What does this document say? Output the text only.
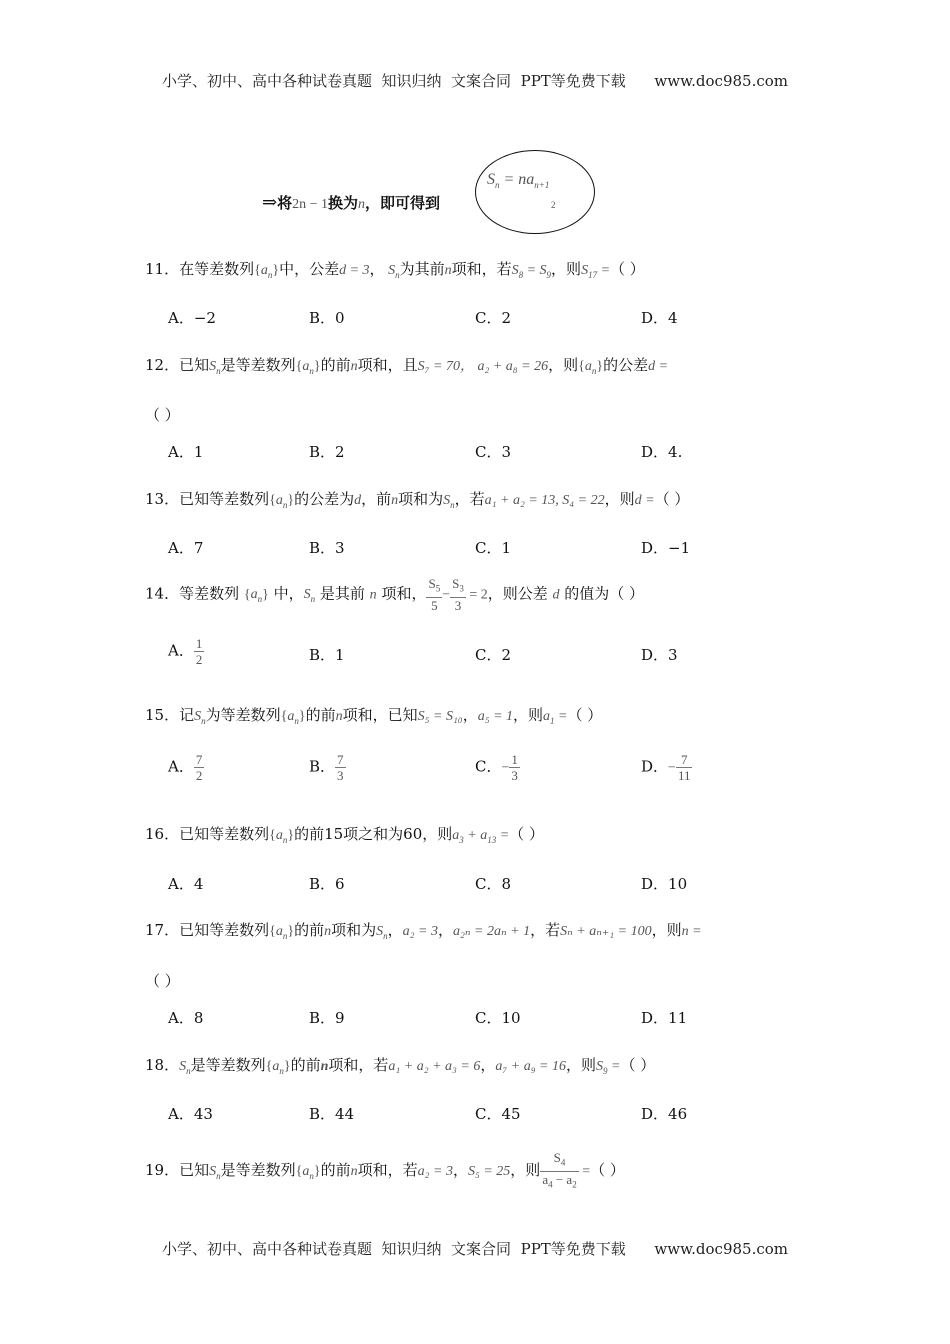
小学、初中、高中各种试卷真题  知识归纳  文案合同  PPT等免费下载 www.doc985.com
⇒将2n − 1换为n，即可得到
$S_n = na_{n+1}$
2
11．在等差数列$\{a_n\}$中，公差d = 3， $S_n$为其前n项和，若$S_8 = S_9$，则$S_{17}$ =（ ）
A．−2	B．0	C．2	D．4
12．已知$S_n$是等差数列$\{a_n\}$的前n项和，且S₇ = 70， a₂ + a₈ = 26，则$\{a_n\}$的公差d =
（ ）
A．1	B．2	C．3	D．4.
13．已知等差数列$\{a_n\}$的公差为d，前n项和为$S_n$，若a₁ + a₂ = 13, S₄ = 22，则d =（ ）
A．7	B．3	C．1	D．−1
14．等差数列 $\{a_n\}$ 中，$S_n$ 是其前 n 项和， $\frac{S_5}{5} - \frac{S_3}{3} = 2$，则公差 d 的值为（ ）
A． $\frac{1}{2}$	B．1	C．2	D．3
15．记$S_n$为等差数列$\{a_n\}$的前n项和，已知S₅ = S₁₀，a₅ = 1，则$a_1$ =（ ）
A． $\frac{7}{2}$	B． $\frac{7}{3}$	C．− $\frac{1}{3}$	D．− $\frac{7}{11}$
16．已知等差数列$\{a_n\}$的前15项之和为60，则$a_3 + a_{13}$ =（ ）
A．4	B．6	C．8	D．10
17．已知等差数列$\{a_n\}$的前n项和为$S_n$，a₂ = 3，a₂ₙ = 2aₙ + 1，若Sₙ + aₙ₊₁ = 100，则n =
（ ）
A．8	B．9	C．10	D．11
18．$S_n$是等差数列$\{a_n\}$的前n项和，若a₁ + a₂ + a₃ = 6，a₇ + a₉ = 16，则$S_9$ =（ ）
A．43	B．44	C．45	D．46
19．已知$S_n$是等差数列$\{a_n\}$的前n项和，若a₂ = 3，S₅ = 25，则 $\frac{S_4}{a_4 - a_2}$ =（ ）
小学、初中、高中各种试卷真题  知识归纳  文案合同  PPT等免费下载 www.doc985.com
